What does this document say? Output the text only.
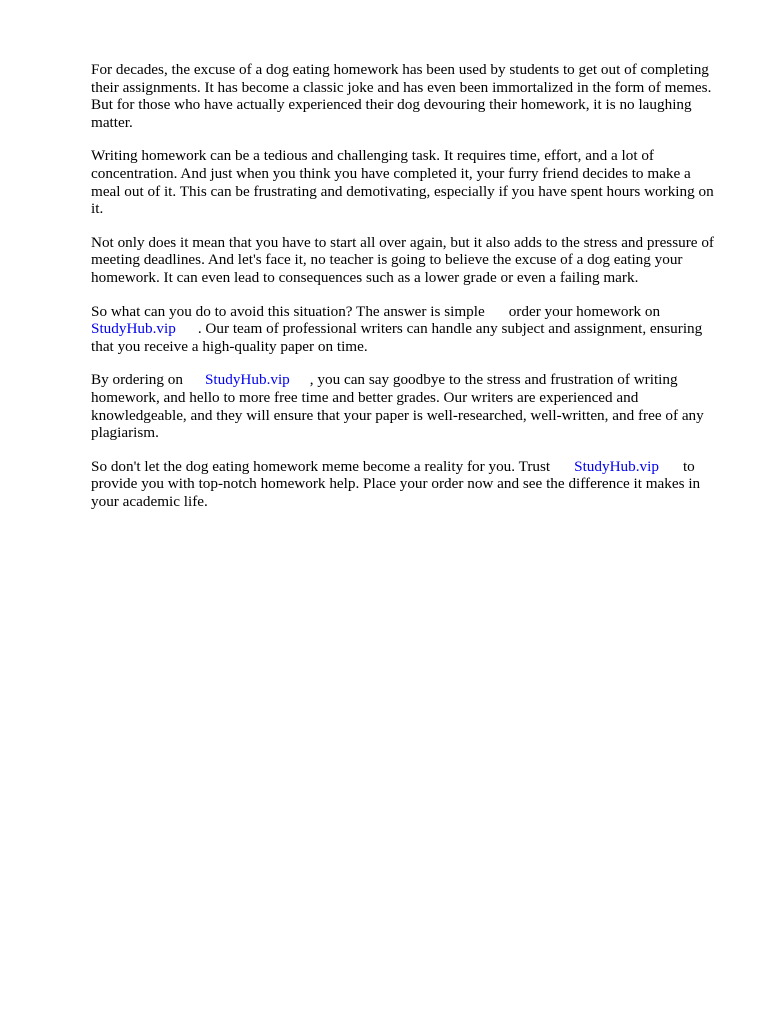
For decades, the excuse of a dog eating homework has been used by students to get out of completing their assignments. It has become a classic joke and has even been immortalized in the form of memes. But for those who have actually experienced their dog devouring their homework, it is no laughing matter.

Writing homework can be a tedious and challenging task. It requires time, effort, and a lot of concentration. And just when you think you have completed it, your furry friend decides to make a meal out of it. This can be frustrating and demotivating, especially if you have spent hours working on it.

Not only does it mean that you have to start all over again, but it also adds to the stress and pressure of meeting deadlines. And let's face it, no teacher is going to believe the excuse of a dog eating your homework. It can even lead to consequences such as a lower grade or even a failing mark.

So what can you do to avoid this situation? The answer is simple order your homework on StudyHub.vip . Our team of professional writers can handle any subject and assignment, ensuring that you receive a high-quality paper on time.

By ordering on StudyHub.vip , you can say goodbye to the stress and frustration of writing homework, and hello to more free time and better grades. Our writers are experienced and knowledgeable, and they will ensure that your paper is well-researched, well-written, and free of any plagiarism.

So don't let the dog eating homework meme become a reality for you. Trust StudyHub.vip to provide you with top-notch homework help. Place your order now and see the difference it makes in your academic life.
